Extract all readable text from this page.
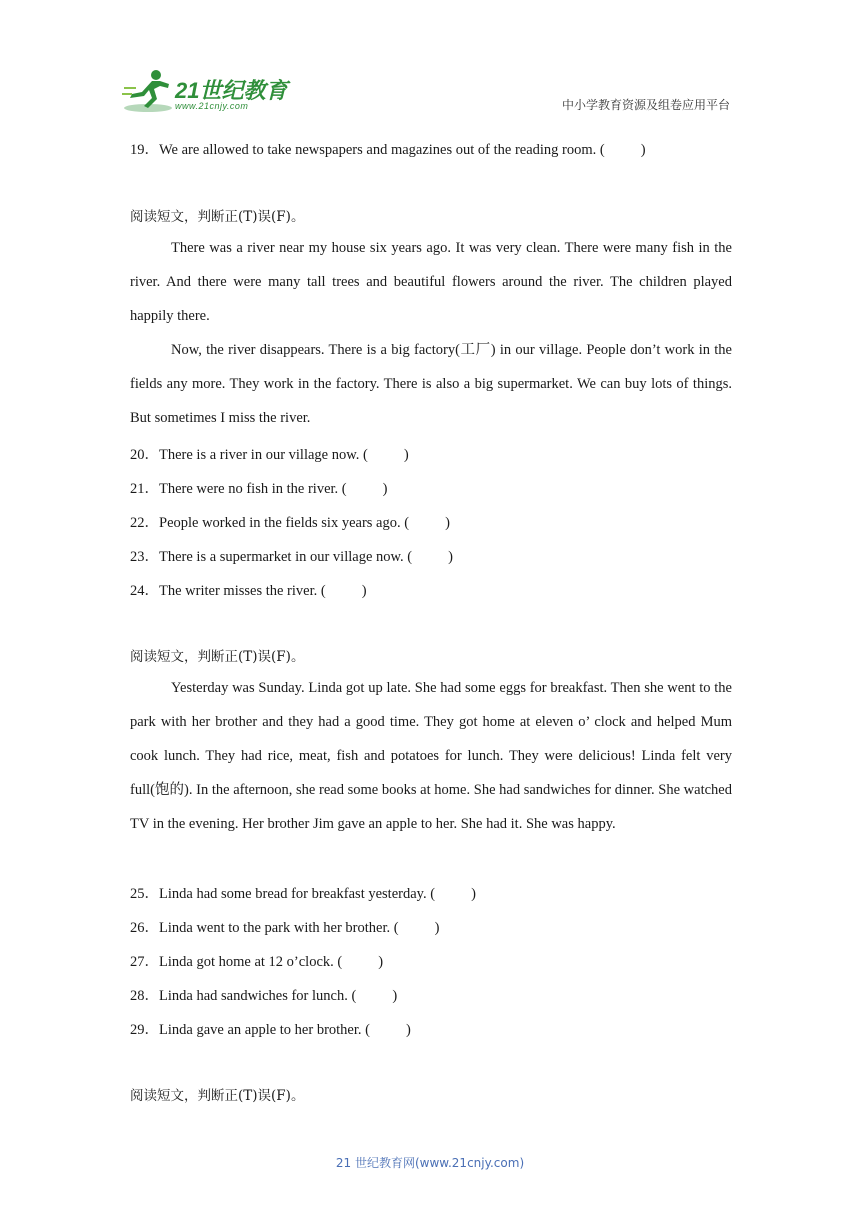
21世纪教育
www.21cnjy.com	中小学教育资源及组卷应用平台
19．We are allowed to take newspapers and magazines out of the reading room. ( )
阅读短文，判断正(T)误(F)。
There was a river near my house six years ago. It was very clean. There were many fish in the river. And there were many tall trees and beautiful flowers around the river. The children played happily there.
Now, the river disappears. There is a big factory(工厂) in our village. People don’t work in the fields any more. They work in the factory. There is also a big supermarket. We can buy lots of things. But sometimes I miss the river.
20．There is a river in our village now. ( )
21．There were no fish in the river. ( )
22．People worked in the fields six years ago. ( )
23．There is a supermarket in our village now. ( )
24．The writer misses the river. ( )
阅读短文，判断正(T)误(F)。
Yesterday was Sunday. Linda got up late. She had some eggs for breakfast. Then she went to the park with her brother and they had a good time. They got home at eleven o’ clock and helped Mum cook lunch. They had rice, meat, fish and potatoes for lunch. They were delicious! Linda felt very full(饱的). In the afternoon, she read some books at home. She had sandwiches for dinner. She watched TV in the evening. Her brother Jim gave an apple to her. She had it. She was happy.
25．Linda had some bread for breakfast yesterday. ( )
26．Linda went to the park with her brother. ( )
27．Linda got home at 12 o’clock. ( )
28．Linda had sandwiches for lunch. ( )
29．Linda gave an apple to her brother. ( )
阅读短文，判断正(T)误(F)。
21 世纪教育网(www.21cnjy.com)
